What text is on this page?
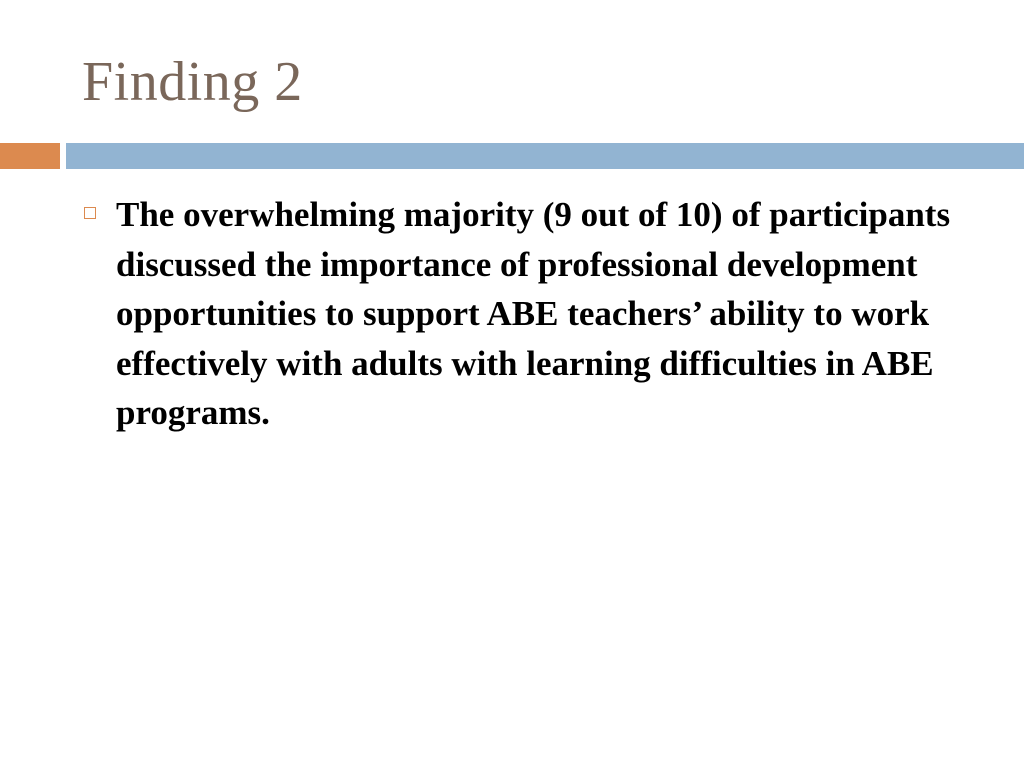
Finding 2

The overwhelming majority (9 out of 10) of participants discussed the importance of professional development opportunities to support ABE teachers’ ability to work effectively with adults with learning difficulties in ABE programs.
